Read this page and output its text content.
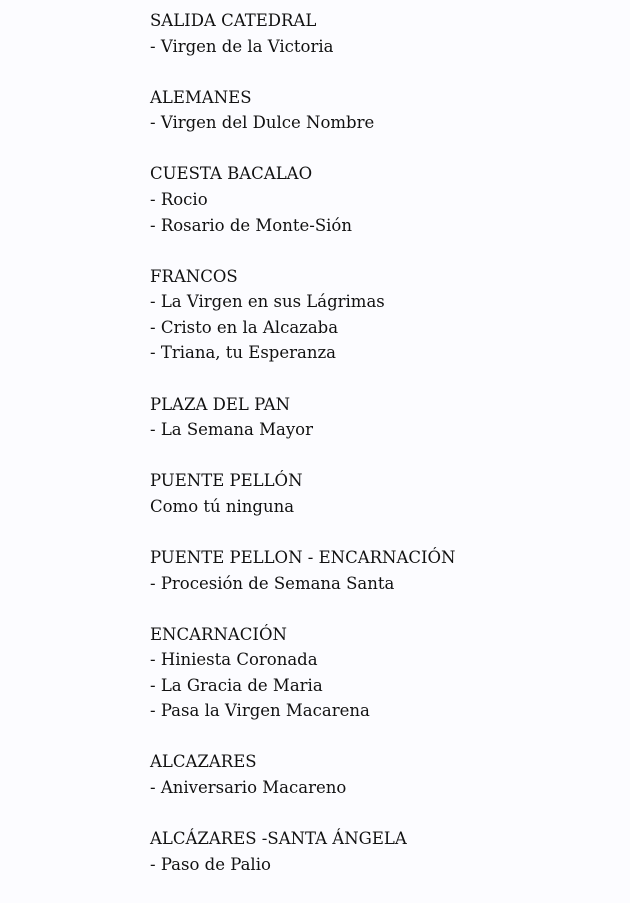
SALIDA CATEDRAL
- Virgen de la Victoria
ALEMANES
- Virgen del Dulce Nombre
CUESTA BACALAO
- Rocio
- Rosario de Monte-Sión
FRANCOS
- La Virgen en sus Lágrimas
- Cristo en la Alcazaba
- Triana, tu Esperanza
PLAZA DEL PAN
- La Semana Mayor
PUENTE PELLÓN
Como tú ninguna
PUENTE PELLON - ENCARNACIÓN
- Procesión de Semana Santa
ENCARNACIÓN
- Hiniesta Coronada
- La Gracia de Maria
- Pasa la Virgen Macarena
ALCAZARES
- Aniversario Macareno
ALCÁZARES -SANTA ÁNGELA
- Paso de Palio
